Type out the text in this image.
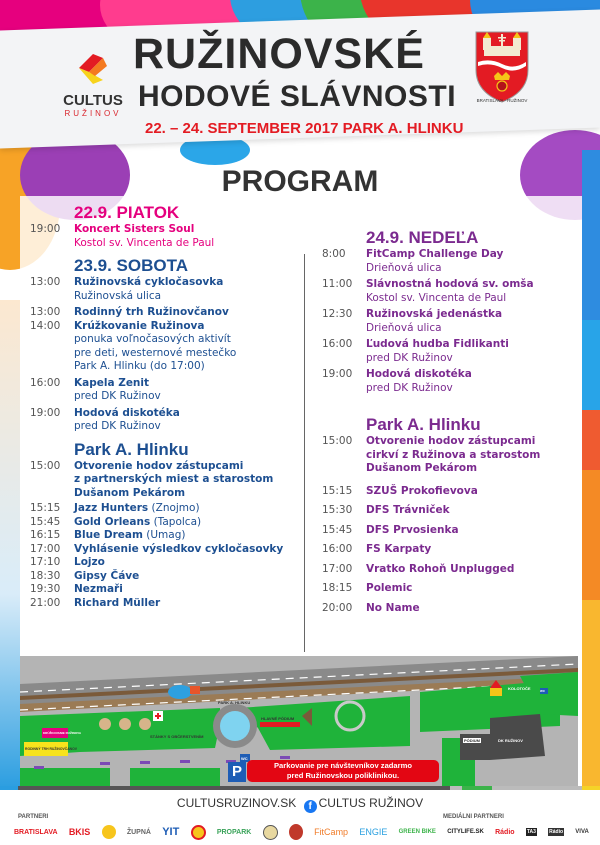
CULTUS
RUŽINOV
RUŽINOVSKÉ
HODOVÉ SLÁVNOSTI
22. – 24. SEPTEMBER 2017 PARK A. HLINKU
BRATISLAVA - RUŽINOV
PROGRAM
22.9. PIATOK
19:00	Koncert Sisters Soul
Kostol sv. Vincenta de Paul
23.9. SOBOTA
13:00	Ružinovská cykločasovka
Ružinovská ulica
13:00	Rodinný trh Ružinovčanov
14:00	Krúžkovanie Ružinova
ponuka voľnočasových aktivít
pre deti, westernové mestečko
Park A. Hlinku (do 17:00)
16:00	Kapela Zenit
pred DK Ružinov
19:00	Hodová diskotéka
pred DK Ružinov
Park A. Hlinku
15:00	Otvorenie hodov zástupcami
z partnerských miest a starostom
Dušanom Pekárom
15:15	Jazz Hunters (Znojmo)
15:45	Gold Orleans (Tapolca)
16:15	Blue Dream (Umag)
17:00	Vyhlásenie výsledkov cykločasovky
17:10	Lojzo
18:30	Gipsy Čáve
19:30	Nezmaři
21:00	Richard Müller
24.9. NEDEĽA
8:00	FitCamp Challenge Day
Drieňová ulica
11:00	Slávnostná hodová sv. omša
Kostol sv. Vincenta de Paul
12:30	Ružinovská jedenástka
Drieňová ulica
16:00	Ľudová hudba Fidlikanti
pred DK Ružinov
19:00	Hodová diskotéka
pred DK Ružinov
Park A. Hlinku
15:00	Otvorenie hodov zástupcami
cirkví z Ružinova a starostom
Dušanom Pekárom
15:15	SZUŠ Prokofievova
15:30	DFS Trávniček
15:45	DFS Prvosienka
16:00	FS Karpaty
17:00	Vratko Rohoň Unplugged
18:15	Polemic
20:00	No Name
PARK A. HLINKU
HLAVNÉ PÓDIUM
KOLOTOČE
WC
WC
PÓDIUM	DK RUŽINOV
STÁNKY S OBČERSTVENÍM
RODINNÝ TRH RUŽINOVČANOV
KRÚŽKOVANIE RUŽINOVA
P	Parkovanie pre návštevníkov zadarmo
pred Ružinovskou poliklinikou.
CULTUSRUZINOV.SK f CULTUS RUŽINOV
PARTNERI	MEDIÁLNI PARTNERI
BRATISLAVA BKIS	ŽUPNÁ YIT	PROPARK	FitCamp ENGIE GREEN BIKE CITYLIFE.SK Rádio TA3	Rádio VIVA
